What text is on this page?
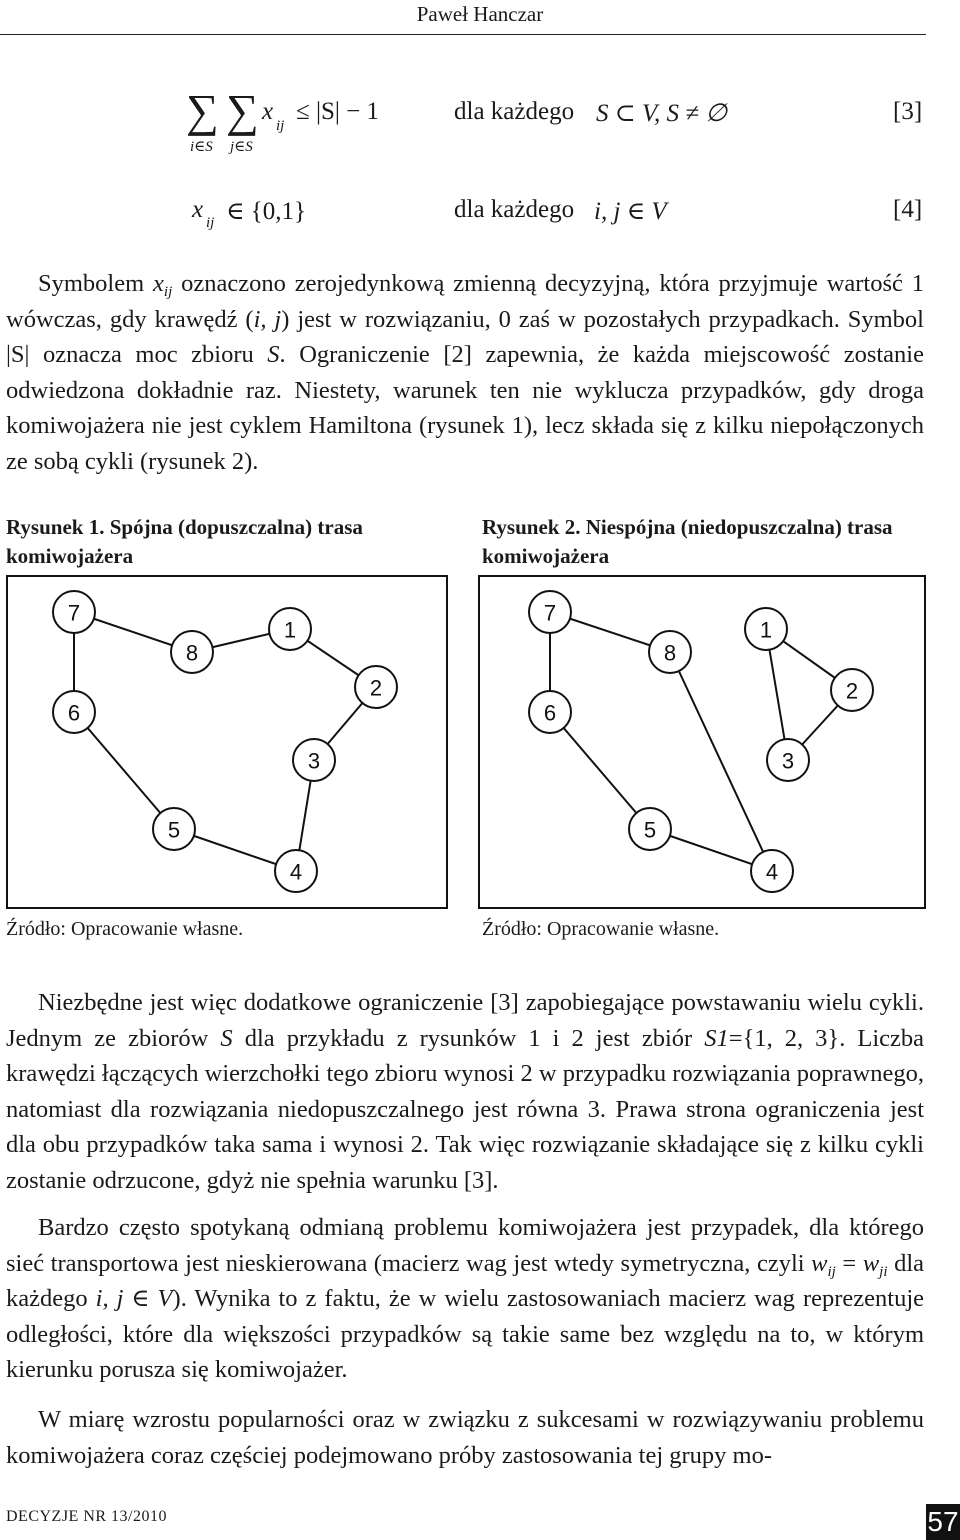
Paweł Hanczar
∑
i∈S
∑
j∈S
x
ij
≤ |S| − 1	dla każdego S ⊂ V, S ≠ ∅	[3]
x ij ∈ {0,1}	dla każdego i, j ∈ V	[4]

Symbolem $x_{ij}$ oznaczono zerojedynkową zmienną decyzyjną, która przyjmuje wartość 1 wówczas, gdy krawędź (i, j) jest w rozwiązaniu, 0 zaś w pozostałych przypadkach. Symbol |S| oznacza moc zbioru S. Ograniczenie [2] zapewnia, że każda miejscowość zostanie odwiedzona dokładnie raz. Niestety, warunek ten nie wyklucza przypadków, gdy droga komiwojażera nie jest cyklem Hamiltona (rysunek 1), lecz składa się z kilku niepołączonych ze sobą cykli (rysunek 2).

Rysunek 1. Spójna (dopuszczalna) trasa komiwojażera
7
8
1
2
6
3
5
4
Źródło: Opracowanie własne.
Rysunek 2. Niespójna (niedopuszczalna) trasa komiwojażera
7
8
1
2
6
3
5
4
Źródło: Opracowanie własne.

Niezbędne jest więc dodatkowe ograniczenie [3] zapobiegające powstawaniu wielu cykli. Jednym ze zbiorów S dla przykładu z rysunków 1 i 2 jest zbiór S1={1, 2, 3}. Liczba krawędzi łączących wierzchołki tego zbioru wynosi 2 w przypadku rozwiązania poprawnego, natomiast dla rozwiązania niedopuszczalnego jest równa 3. Prawa strona ograniczenia jest dla obu przypadków taka sama i wynosi 2. Tak więc rozwiązanie składające się z kilku cykli zostanie odrzucone, gdyż nie spełnia warunku [3].

Bardzo często spotykaną odmianą problemu komiwojażera jest przypadek, dla którego sieć transportowa jest nieskierowana (macierz wag jest wtedy symetryczna, czyli $w_{ij} = w_{ji}$ dla każdego i, j ∈ V). Wynika to z faktu, że w wielu zastosowaniach macierz wag reprezentuje odległości, które dla większości przypadków są takie same bez względu na to, w którym kierunku porusza się komiwojażer.

W miarę wzrostu popularności oraz w związku z sukcesami w rozwiązywaniu problemu komiwojażera coraz częściej podejmowano próby zastosowania tej grupy mo-

DECYZJE NR 13/2010	57
